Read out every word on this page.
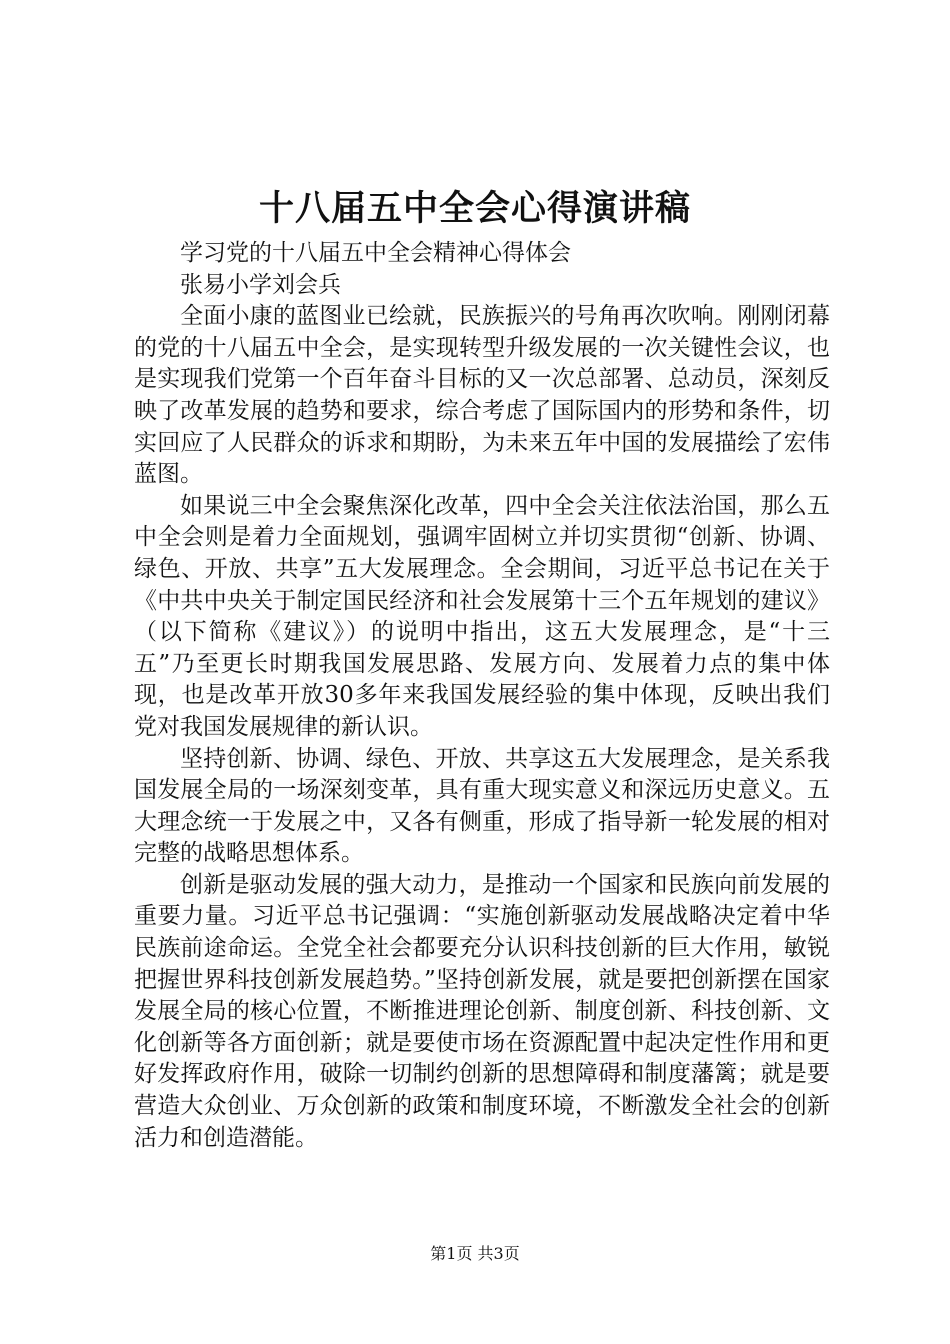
十八届五中全会心得演讲稿

学习党的十八届五中全会精神心得体会

张易小学刘会兵

全面小康的蓝图业已绘就，民族振兴的号角再次吹响。刚刚闭幕的党的十八届五中全会，是实现转型升级发展的一次关键性会议，也是实现我们党第一个百年奋斗目标的又一次总部署、总动员，深刻反映了改革发展的趋势和要求，综合考虑了国际国内的形势和条件，切实回应了人民群众的诉求和期盼，为未来五年中国的发展描绘了宏伟蓝图。

如果说三中全会聚焦深化改革，四中全会关注依法治国，那么五中全会则是着力全面规划，强调牢固树立并切实贯彻“创新、协调、绿色、开放、共享”五大发展理念。全会期间，习近平总书记在关于《中共中央关于制定国民经济和社会发展第十三个五年规划的建议》（以下简称《建议》）的说明中指出，这五大发展理念，是“十三五”乃至更长时期我国发展思路、发展方向、发展着力点的集中体现，也是改革开放30多年来我国发展经验的集中体现，反映出我们党对我国发展规律的新认识。

坚持创新、协调、绿色、开放、共享这五大发展理念，是关系我国发展全局的一场深刻变革，具有重大现实意义和深远历史意义。五大理念统一于发展之中，又各有侧重，形成了指导新一轮发展的相对完整的战略思想体系。

创新是驱动发展的强大动力，是推动一个国家和民族向前发展的重要力量。习近平总书记强调：“实施创新驱动发展战略决定着中华民族前途命运。全党全社会都要充分认识科技创新的巨大作用，敏锐把握世界科技创新发展趋势。”坚持创新发展，就是要把创新摆在国家发展全局的核心位置，不断推进理论创新、制度创新、科技创新、文化创新等各方面创新；就是要使市场在资源配置中起决定性作用和更好发挥政府作用，破除一切制约创新的思想障碍和制度藩篱；就是要营造大众创业、万众创新的政策和制度环境，不断激发全社会的创新活力和创造潜能。

第1页 共3页
